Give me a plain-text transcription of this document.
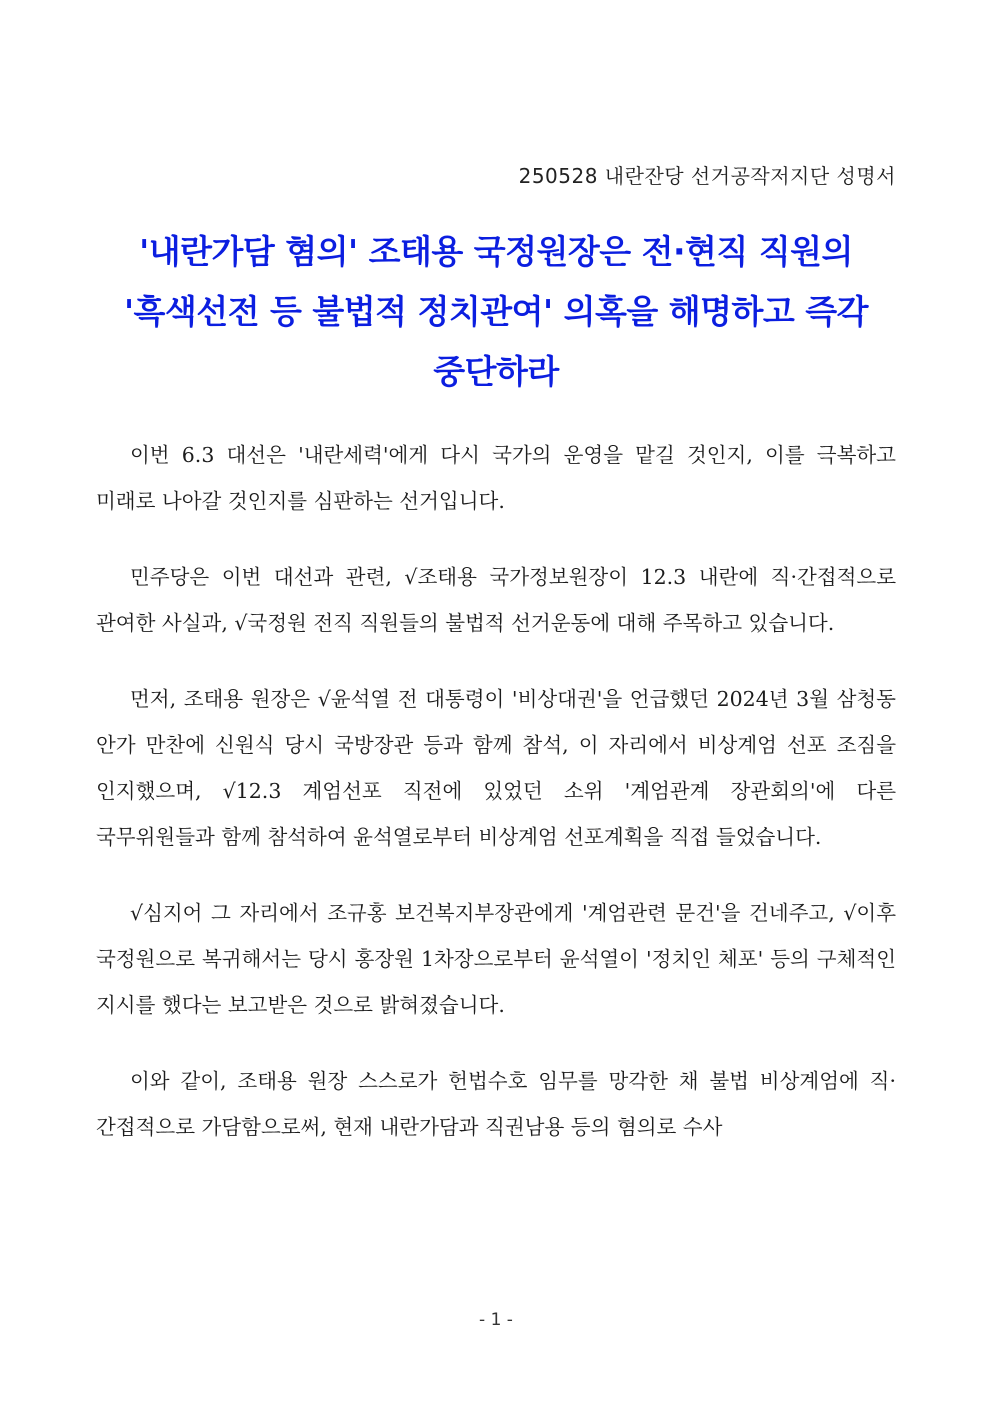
250528 내란잔당 선거공작저지단 성명서
'내란가담 혐의' 조태용 국정원장은 전·현직 직원의
'흑색선전 등 불법적 정치관여' 의혹을 해명하고 즉각
중단하라

이번 6.3 대선은 '내란세력'에게 다시 국가의 운영을 맡길 것인지, 이를 극복하고 미래로 나아갈 것인지를 심판하는 선거입니다.

민주당은 이번 대선과 관련, √조태용 국가정보원장이 12.3 내란에 직·간접적으로 관여한 사실과, √국정원 전직 직원들의 불법적 선거운동에 대해 주목하고 있습니다.

먼저, 조태용 원장은 √윤석열 전 대통령이 '비상대권'을 언급했던 2024년 3월 삼청동 안가 만찬에 신원식 당시 국방장관 등과 함께 참석, 이 자리에서 비상계엄 선포 조짐을 인지했으며, √12.3 계엄선포 직전에 있었던 소위 '계엄관계 장관회의'에 다른 국무위원들과 함께 참석하여 윤석열로부터 비상계엄 선포계획을 직접 들었습니다.

√심지어 그 자리에서 조규홍 보건복지부장관에게 '계엄관련 문건'을 건네주고, √이후 국정원으로 복귀해서는 당시 홍장원 1차장으로부터 윤석열이 '정치인 체포' 등의 구체적인 지시를 했다는 보고받은 것으로 밝혀졌습니다.

이와 같이, 조태용 원장 스스로가 헌법수호 임무를 망각한 채 불법 비상계엄에 직·간접적으로 가담함으로써, 현재 내란가담과 직권남용 등의 혐의로 수사

- 1 -
